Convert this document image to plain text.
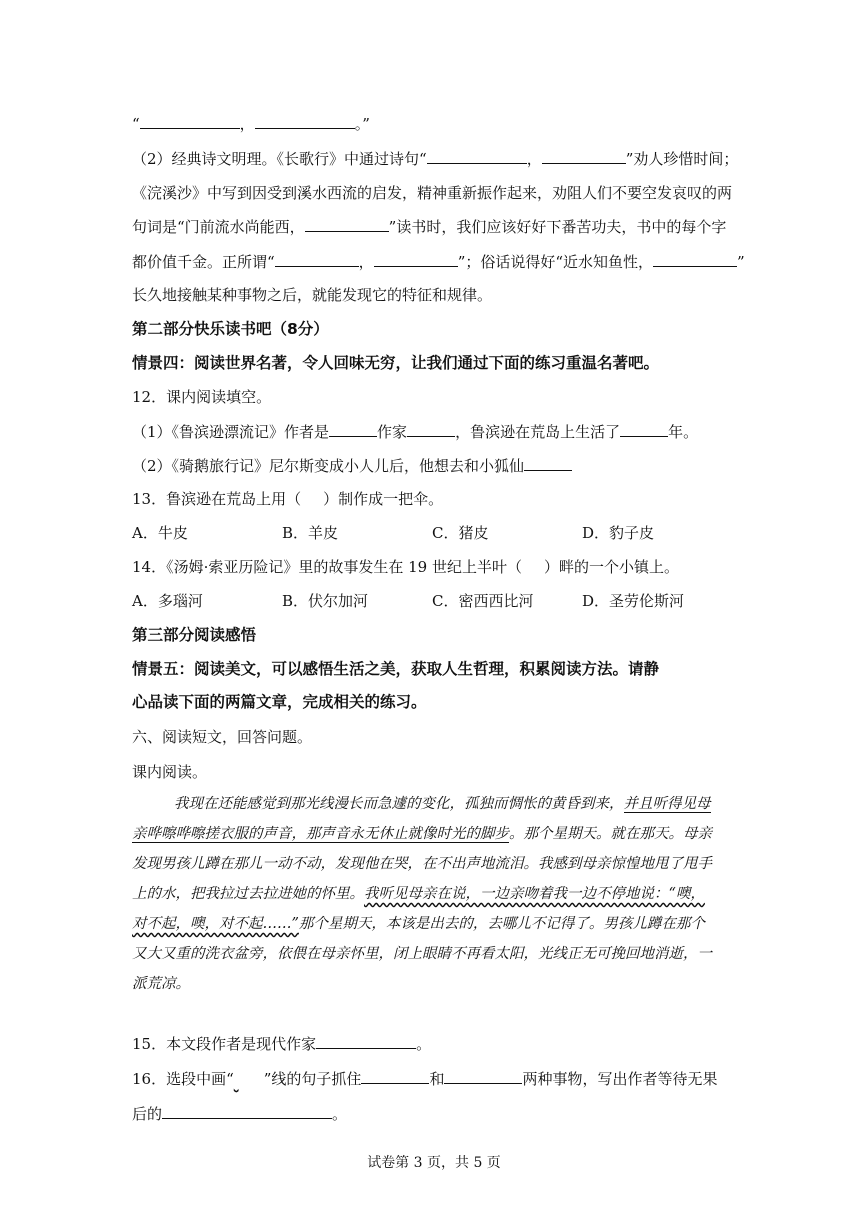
“	，	。”
（2）经典诗文明理。《长歌行》中通过诗句“	，	”劝人珍惜时间；
《浣溪沙》中写到因受到溪水西流的启发，精神重新振作起来，劝阻人们不要空发哀叹的两
句词是“门前流水尚能西，	”读书时，我们应该好好下番苦功夫，书中的每个字
都价值千金。正所谓“	，	”；俗话说得好“近水知鱼性，	”
长久地接触某种事物之后，就能发现它的特征和规律。
第二部分快乐读书吧（8分）
情景四：阅读世界名著，令人回味无穷，让我们通过下面的练习重温名著吧。
12．课内阅读填空。
（1）《鲁滨逊漂流记》作者是	作家	，鲁滨逊在荒岛上生活了	年。
（2）《骑鹅旅行记》尼尔斯变成小人儿后，他想去和小狐仙
13．鲁滨逊在荒岛上用（ ）制作成一把伞。
A．牛皮	B．羊皮	C．猪皮	D．豹子皮
14．《汤姆·索亚历险记》里的故事发生在 19 世纪上半叶（ ）畔的一个小镇上。
A．多瑙河	B．伏尔加河	C．密西西比河	D．圣劳伦斯河
第三部分阅读感悟
情景五：阅读美文，可以感悟生活之美，获取人生哲理，积累阅读方法。请静
心品读下面的两篇文章，完成相关的练习。
六、阅读短文，回答问题。
课内阅读。
我现在还能感觉到那光线漫长而急遽的变化，孤独而惆怅的黄昏到来，并且听得见母
亲哗嚓哗嚓搓衣服的声音，那声音永无休止就像时光的脚步。那个星期天。就在那天。母亲
发现男孩儿蹲在那儿一动不动，发现他在哭，在不出声地流泪。我感到母亲惊惶地甩了甩手
上的水，把我拉过去拉进她的怀里。我听见母亲在说，一边亲吻着我一边不停地说：“噢，
对不起，噢，对不起……”那个星期天，本该是出去的，去哪儿不记得了。男孩儿蹲在那个
又大又重的洗衣盆旁，依偎在母亲怀里，闭上眼睛不再看太阳，光线正无可挽回地消逝，一
派荒凉。
15．本文段作者是现代作家	。
16．选段中画“ ”线的句子抓住	和	两种事物，写出作者等待无果
后的	。
试卷第 3 页，共 5 页
